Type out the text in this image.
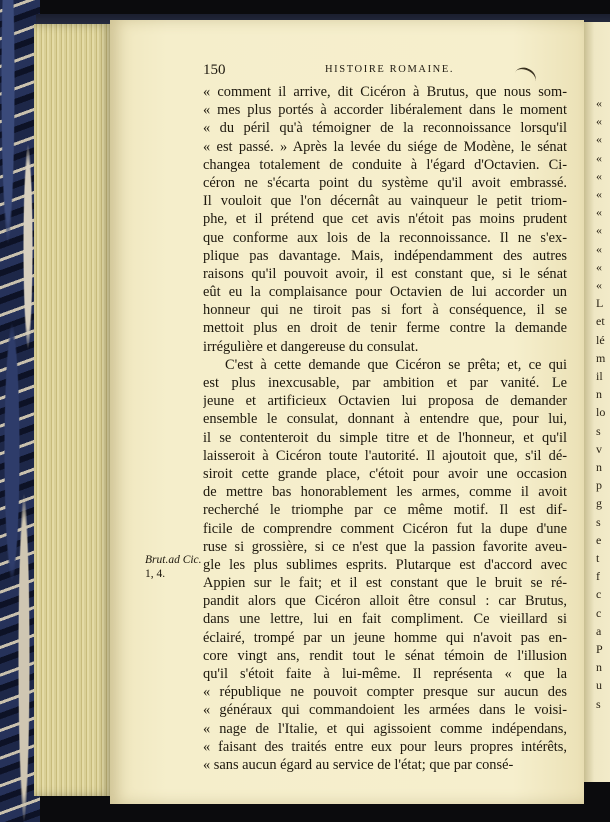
«
«
«
«
«
«
«
«
«
«
«
L
et
lé
m
il
n
lo
s
v
n
p
g
s
e
t
f
c
c
a
P
n
u
s
150	HISTOIRE ROMAINE.
Brut.ad Cic.
1, 4.
« comment il arrive, dit Cicéron à Brutus, que nous som-
« mes plus portés à accorder libéralement dans le moment
« du péril qu'à témoigner de la reconnoissance lorsqu'il
« est passé. » Après la levée du siége de Modène, le sénat
changea totalement de conduite à l'égard d'Octavien. Ci-
céron ne s'écarta point du système qu'il avoit embrassé.
Il vouloit que l'on décernât au vainqueur le petit triom-
phe, et il prétend que cet avis n'étoit pas moins prudent
que conforme aux lois de la reconnoissance. Il ne s'ex-
plique pas davantage. Mais, indépendamment des autres
raisons qu'il pouvoit avoir, il est constant que, si le sénat
eût eu la complaisance pour Octavien de lui accorder un
honneur qui ne tiroit pas si fort à conséquence, il se
mettoit plus en droit de tenir ferme contre la demande
irrégulière et dangereuse du consulat.
C'est à cette demande que Cicéron se prêta; et, ce qui
est plus inexcusable, par ambition et par vanité. Le
jeune et artificieux Octavien lui proposa de demander
ensemble le consulat, donnant à entendre que, pour lui,
il se contenteroit du simple titre et de l'honneur, et qu'il
laisseroit à Cicéron toute l'autorité. Il ajoutoit que, s'il dé-
siroit cette grande place, c'étoit pour avoir une occasion
de mettre bas honorablement les armes, comme il avoit
recherché le triomphe par ce même motif. Il est dif-
ficile de comprendre comment Cicéron fut la dupe d'une
ruse si grossière, si ce n'est que la passion favorite aveu-
gle les plus sublimes esprits. Plutarque est d'accord avec
Appien sur le fait; et il est constant que le bruit se ré-
pandit alors que Cicéron alloit être consul : car Brutus,
dans une lettre, lui en fait compliment. Ce vieillard si
éclairé, trompé par un jeune homme qui n'avoit pas en-
core vingt ans, rendit tout le sénat témoin de l'illusion
qu'il s'étoit faite à lui-même. Il représenta « que la
« république ne pouvoit compter presque sur aucun des
« généraux qui commandoient les armées dans le voisi-
« nage de l'Italie, et qui agissoient comme indépendans,
« faisant des traités entre eux pour leurs propres intérêts,
« sans aucun égard au service de l'état; que par consé-
